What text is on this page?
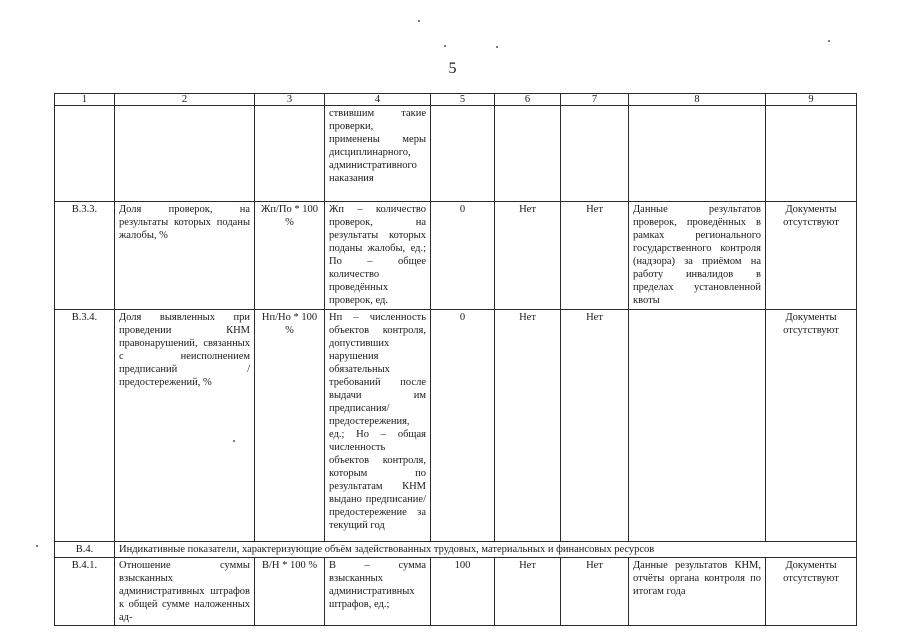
5
1	2	3	4	5	6	7	8	9
			ствившим такие проверки, применены меры дисциплинарного, административного наказания					
В.3.3.	Доля проверок, на результаты которых поданы жалобы, %	Жп/По * 100 %	Жп – количество проверок, на результаты которых поданы жалобы, ед.; По – общее количество проведённых проверок, ед.	0	Нет	Нет	Данные результатов проверок, проведённых в рамках регионального государственного контроля (надзора) за приёмом на работу инвалидов в пределах установленной квоты	Документы отсутствуют
В.3.4.	Доля выявленных при проведении КНМ правонарушений, связанных с неисполнением предписаний / предостережений, %	Нп/Но * 100 %	Нп – численность объектов контроля, допустивших нарушения обязательных требований после выдачи им предписания/ предостережения, ед.; Но – общая численность объектов контроля, которым по результатам КНМ выдано предписание/ предостережение за текущий год	0	Нет	Нет		Документы отсутствуют
В.4.	Индикативные показатели, характеризующие объём задействованных трудовых, материальных и финансовых ресурсов							
В.4.1.	Отношение суммы взысканных административных штрафов к общей сумме наложенных ад-	В/Н * 100 %	В – сумма взысканных административных штрафов, ед.;	100	Нет	Нет	Данные результатов КНМ, отчёты органа контроля по итогам года	Документы отсутствуют
